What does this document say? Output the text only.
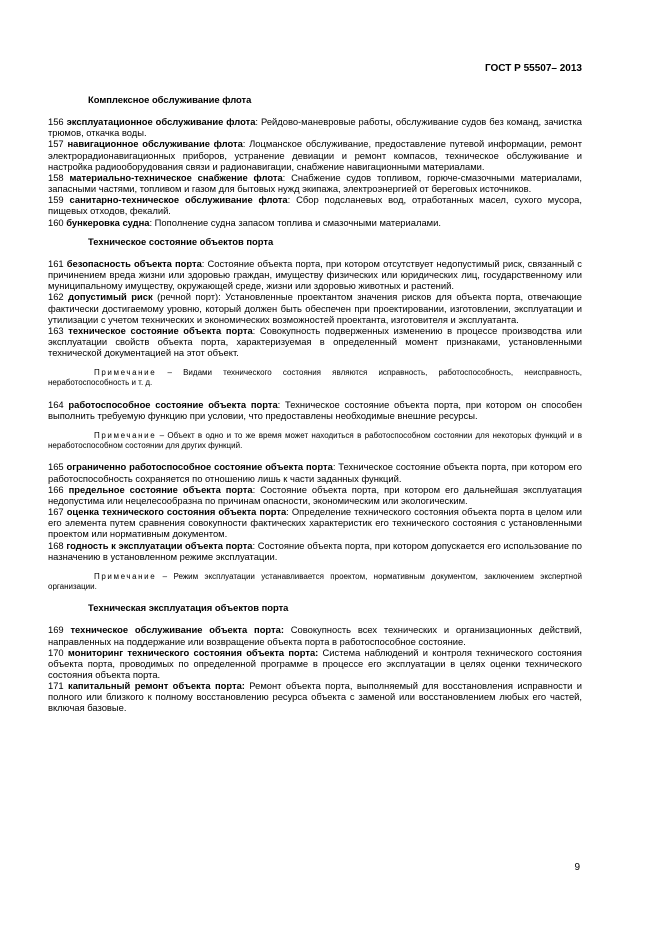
ГОСТ Р 55507– 2013
Комплексное обслуживание флота

156 эксплуатационное обслуживание флота: Рейдово-маневровые работы, обслуживание судов без команд, зачистка трюмов, откачка воды.

157 навигационное обслуживание флота: Лоцманское обслуживание, предоставление путевой информации, ремонт электрорадионавигационных приборов, устранение девиации и ремонт компасов, техническое обслуживание и настройка радиооборудования связи и радионавигации, снабжение навигационными материалами.

158 материально-техническое снабжение флота: Снабжение судов топливом, горюче-смазочными материалами, запасными частями, топливом и газом для бытовых нужд экипажа, электроэнергией от береговых источников.

159 санитарно-техническое обслуживание флота: Сбор подсланевых вод, отработанных масел, сухого мусора, пищевых отходов, фекалий.

160 бункеровка судна: Пополнение судна запасом топлива и смазочными материалами.

Техническое состояние объектов порта

161 безопасность объекта порта: Состояние объекта порта, при котором отсутствует недопустимый риск, связанный с причинением вреда жизни или здоровью граждан, имуществу физических или юридических лиц, государственному или муниципальному имуществу, окружающей среде, жизни или здоровью животных и растений.

162 допустимый риск (речной порт): Установленные проектантом значения рисков для объекта порта, отвечающие фактически достигаемому уровню, который должен быть обеспечен при проектировании, изготовлении, эксплуатации и утилизации с учетом технических и экономических возможностей проектанта, изготовителя и эксплуатанта.

163 техническое состояние объекта порта: Совокупность подверженных изменению в процессе производства или эксплуатации свойств объекта порта, характеризуемая в определенный момент признаками, установленными технической документацией на этот объект.

Примечание – Видами технического состояния являются исправность, работоспособность, неисправность, неработоспособность и т. д.

164 работоспособное состояние объекта порта: Техническое состояние объекта порта, при котором он способен выполнить требуемую функцию при условии, что предоставлены необходимые внешние ресурсы.

Примечание – Объект в одно и то же время может находиться в работоспособном состоянии для некоторых функций и в неработоспособном состоянии для других функций.

165 ограниченно работоспособное состояние объекта порта: Техническое состояние объекта порта, при котором его работоспособность сохраняется по отношению лишь к части заданных функций.

166 предельное состояние объекта порта: Состояние объекта порта, при котором его дальнейшая эксплуатация недопустима или нецелесообразна по причинам опасности, экономическим или экологическим.

167 оценка технического состояния объекта порта: Определение технического состояния объекта порта в целом или его элемента путем сравнения совокупности фактических характеристик его технического состояния с установленными проектом или нормативным документом.

168 годность к эксплуатации объекта порта: Состояние объекта порта, при котором допускается его использование по назначению в установленном режиме эксплуатации.

Примечание – Режим эксплуатации устанавливается проектом, нормативным документом, заключением экспертной организации.

Техническая эксплуатация объектов порта

169 техническое обслуживание объекта порта: Совокупность всех технических и организационных действий, направленных на поддержание или возвращение объекта порта в работоспособное состояние.

170 мониторинг технического состояния объекта порта: Система наблюдений и контроля технического состояния объекта порта, проводимых по определенной программе в процессе его эксплуатации в целях оценки технического состояния объекта порта.

171 капитальный ремонт объекта порта: Ремонт объекта порта, выполняемый для восстановления исправности и полного или близкого к полному восстановлению ресурса объекта с заменой или восстановлением любых его частей, включая базовые.

9
